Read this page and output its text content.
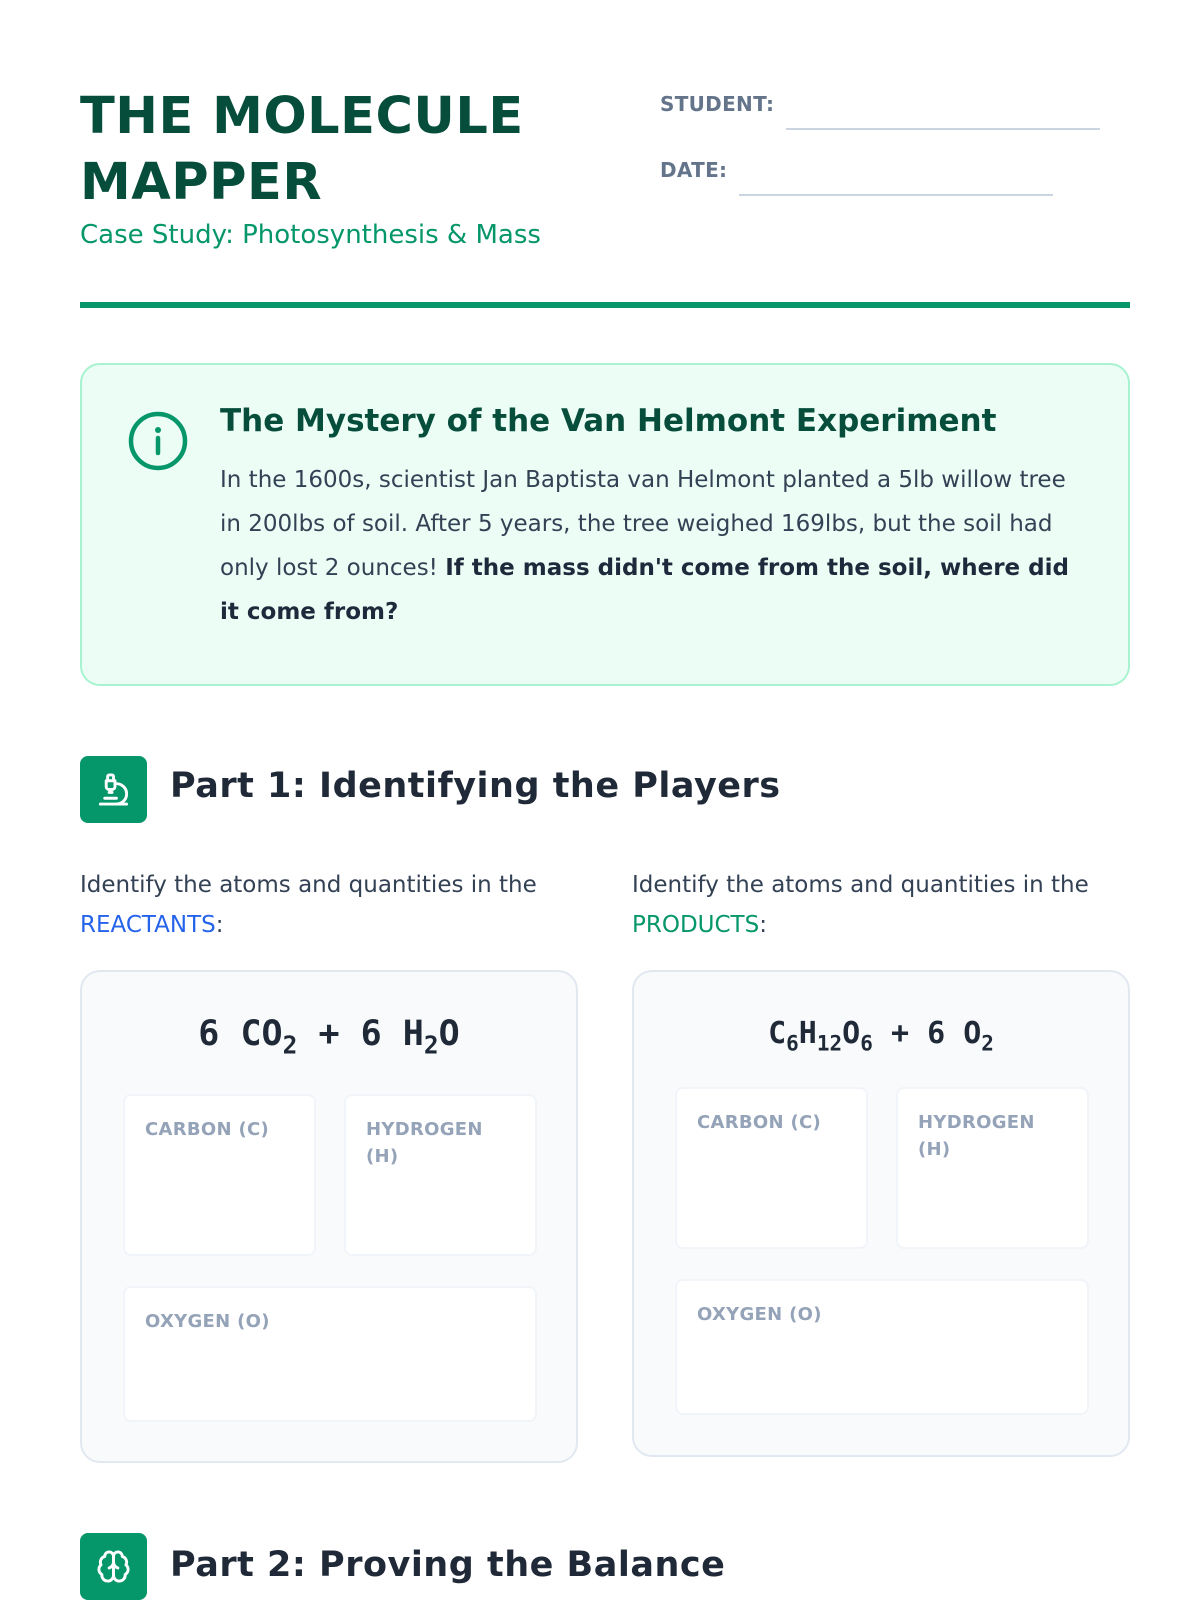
THE MOLECULE MAPPER
Case Study: Photosynthesis & Mass
STUDENT:
DATE:
The Mystery of the Van Helmont Experiment

In the 1600s, scientist Jan Baptista van Helmont planted a 5lb willow tree in 200lbs of soil. After 5 years, the tree weighed 169lbs, but the soil had only lost 2 ounces! If the mass didn't come from the soil, where did it come from?

Part 1: Identifying the Players

Identify the atoms and quantities in the REACTANTS:

Identify the atoms and quantities in the PRODUCTS:

6 $CO_2 + 6$ $H_2O$
CARBON (C)	HYDROGEN (H)
OXYGEN (O)
$C_6H_{12}O_6 + 6$ $O_2$
CARBON (C)	HYDROGEN (H)
OXYGEN (O)
Part 2: Proving the Balance
